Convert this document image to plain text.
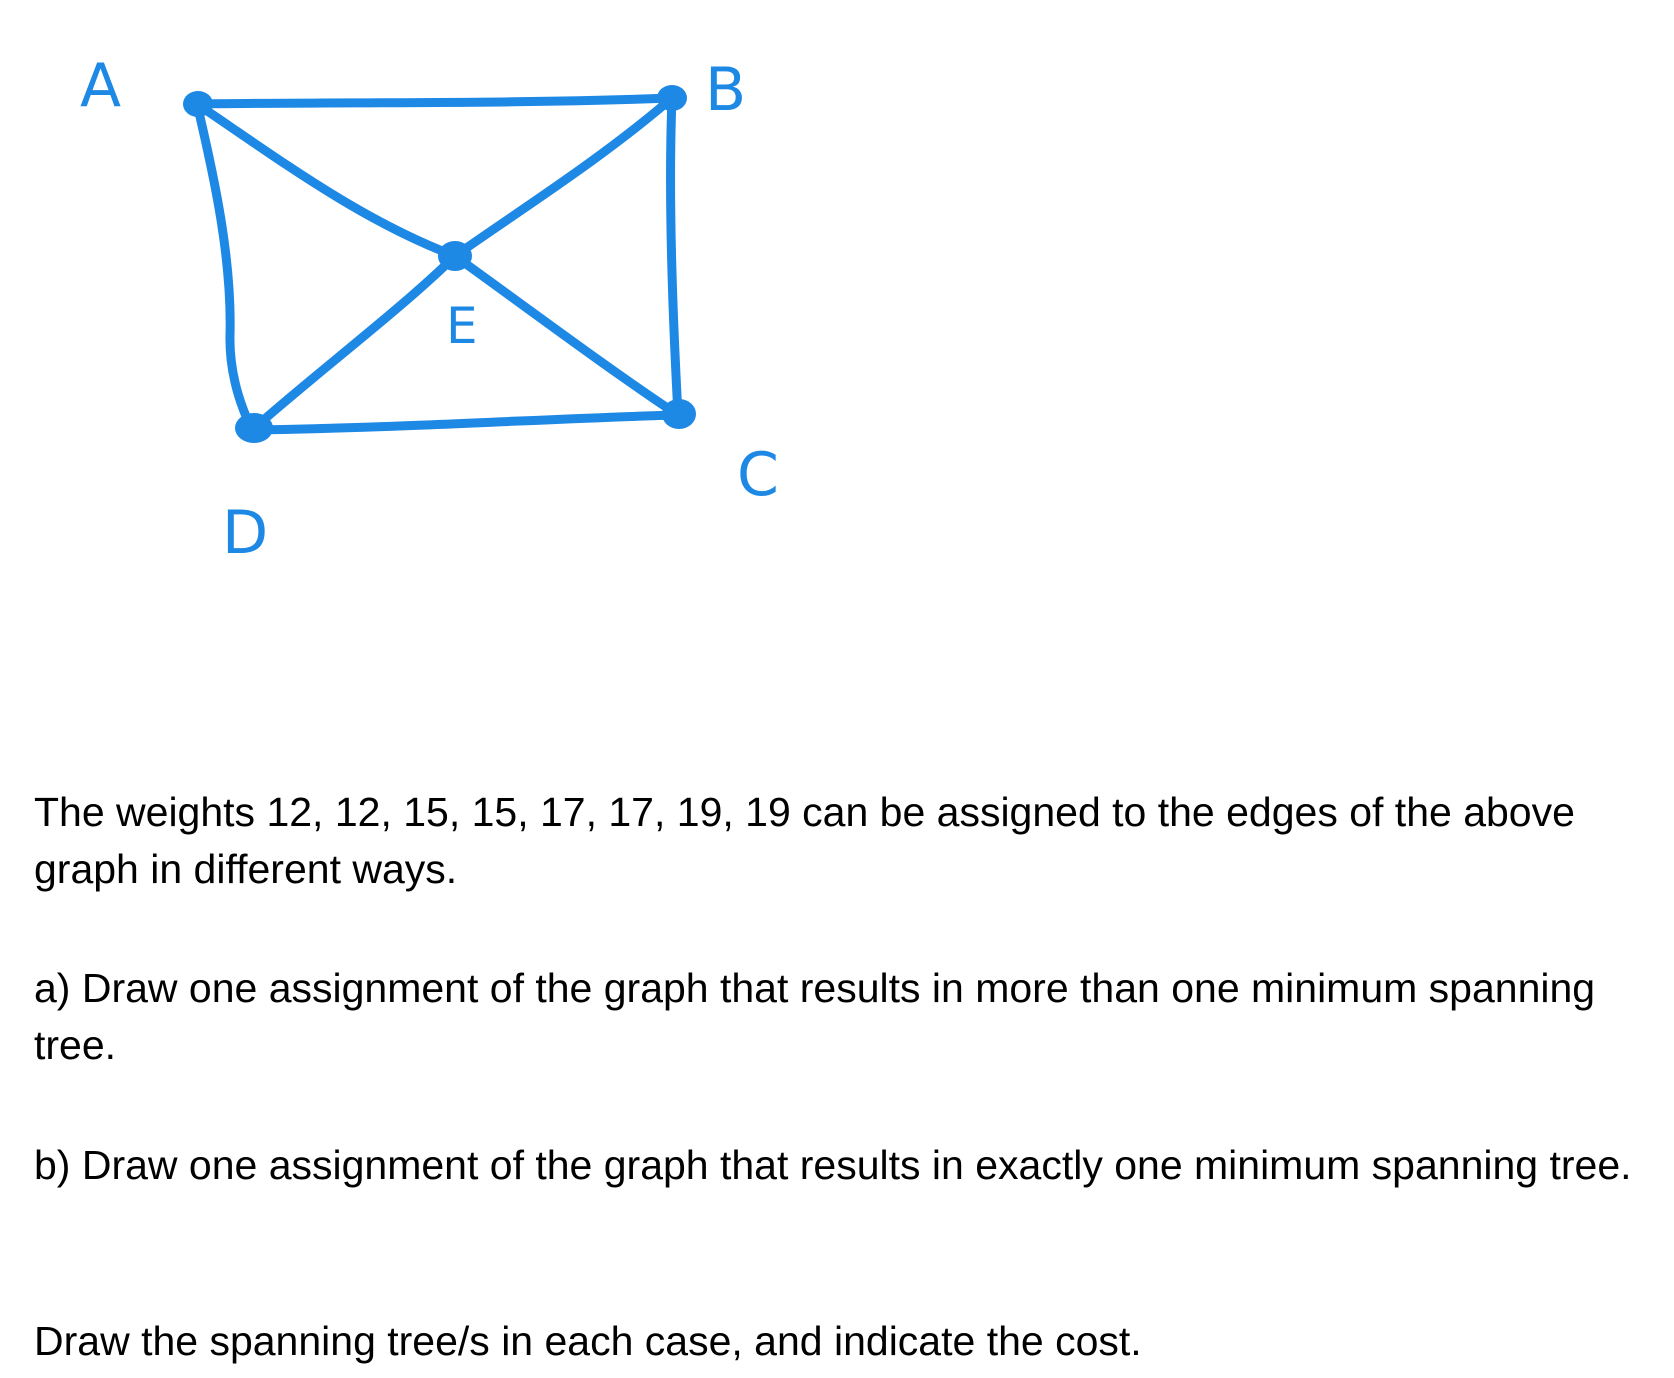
A	B
C
D
E
The weights 12, 12, 15, 15, 17, 17, 19, 19 can be assigned to the edges of the above graph in different ways.
a) Draw one assignment of the graph that results in more than one minimum spanning tree.
b) Draw one assignment of the graph that results in exactly one minimum spanning tree.
Draw the spanning tree/s in each case, and indicate the cost.
